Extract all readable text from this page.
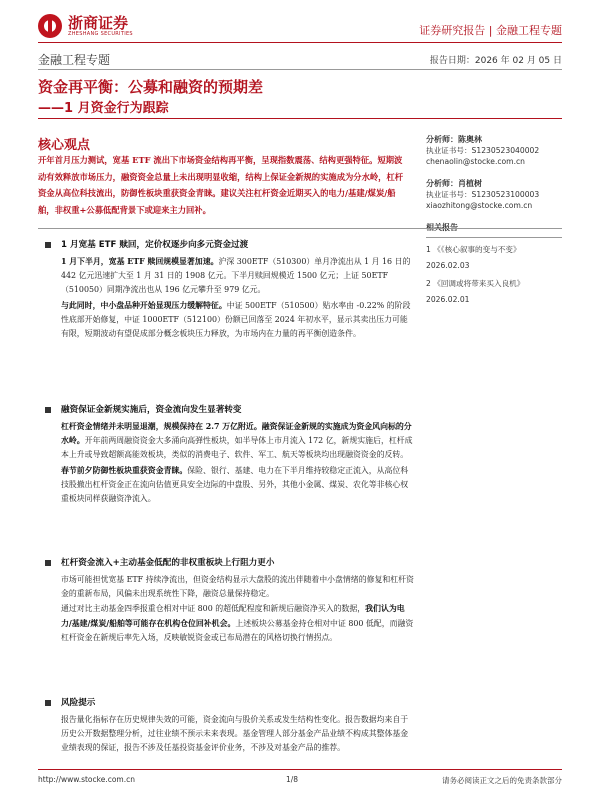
浙商证券
ZHESHANG SECURITIES	证券研究报告 | 金融工程专题
金融工程专题	报告日期：2026 年 02 月 05 日
资金再平衡：公募和融资的预期差
——1 月资金行为跟踪
核心观点
开年首月压力测试，宽基 ETF 流出下市场资金结构再平衡，呈现指数震荡、结构更强特征。短期波动有效释放市场压力，融资资金总量上未出现明显收缩，结构上保证金新规的实施成为分水岭，杠杆资金从高位科技流出，防御性板块重获资金青睐。建议关注杠杆资金近期买入的电力/基建/煤炭/船舶，非权重+公募低配背景下或迎来主力回补。
分析师：陈奥林
执业证书号：S1230523040002
chenaolin@stocke.com.cn
分析师：肖植树
执业证书号：S1230523100003
xiaozhitong@stocke.com.cn
相关报告
1 《《核心叙事的变与不变》
2026.02.03
2 《回调或将带来买入良机》
2026.02.01
1 月宽基 ETF 赎回，定价权逐步向多元资金过渡
1 月下半月，宽基 ETF 赎回规模显著加速。沪深 300ETF（510300）单月净流出从 1 月 16 日的 442 亿元迅速扩大至 1 月 31 日的 1908 亿元。下半月赎回规模近 1500 亿元；上证 50ETF（510050）同期净流出也从 196 亿元攀升至 979 亿元。
与此同时，中小盘品种开始显现压力缓解特征。中证 500ETF（510500）贴水率由 -0.22% 的阶段性底部开始修复，中证 1000ETF（512100）份额已回落至 2024 年初水平，显示其卖出压力可能有限，短期波动有望促成部分概念板块压力释放，为市场内在力量的再平衡创造条件。
融资保证金新规实施后，资金流向发生显著转变
杠杆资金情绪并未明显退潮，规模保持在 2.7 万亿附近。融资保证金新规的实施成为资金风向标的分水岭。开年前两周融资资金大多涌向高弹性板块，如半导体上市月流入 172 亿，新规实施后，杠杆成本上升或导致超额高能效板块，类似的消费电子、软件、军工、航天等板块均出现融资资金的反转。
春节前夕防御性板块重获资金青睐。保险、银行、基建、电力在下半月维持较稳定正流入，从高位科技股撤出杠杆资金正在流向估值更具安全边际的中盘股、另外，其他小金属、煤炭、农化等非核心权重板块同样获融资净流入。
杠杆资金流入+主动基金低配的非权重板块上行阻力更小
市场可能担忧宽基 ETF 持续净流出，但资金结构显示大盘股的流出伴随着中小盘情绪的修复和杠杆资金的重新布局，风偏未出现系统性下降，融资总量保持稳定。
通过对比主动基金四季报重仓相对中证 800 的超低配程度和新规后融资净买入的数据，我们认为电力/基建/煤炭/船舶等可能存在机构仓位回补机会。上述板块公募基金持仓相对中证 800 低配，而融资杠杆资金在新规后率先入场，反映敏锐资金或已布局潜在的风格切换行情拐点。
风险提示
报告量化指标存在历史规律失效的可能，资金流向与股价关系或发生结构性变化。报告数据均来自于历史公开数据整理分析，过往业绩不预示未来表现。基金管理人部分基金产品业绩不构成其整体基金业绩表现的保证，报告不涉及任基投资基金评价业务，不涉及对基金产品的推荐。
http://www.stocke.com.cn	1/8	请务必阅读正文之后的免责条款部分
